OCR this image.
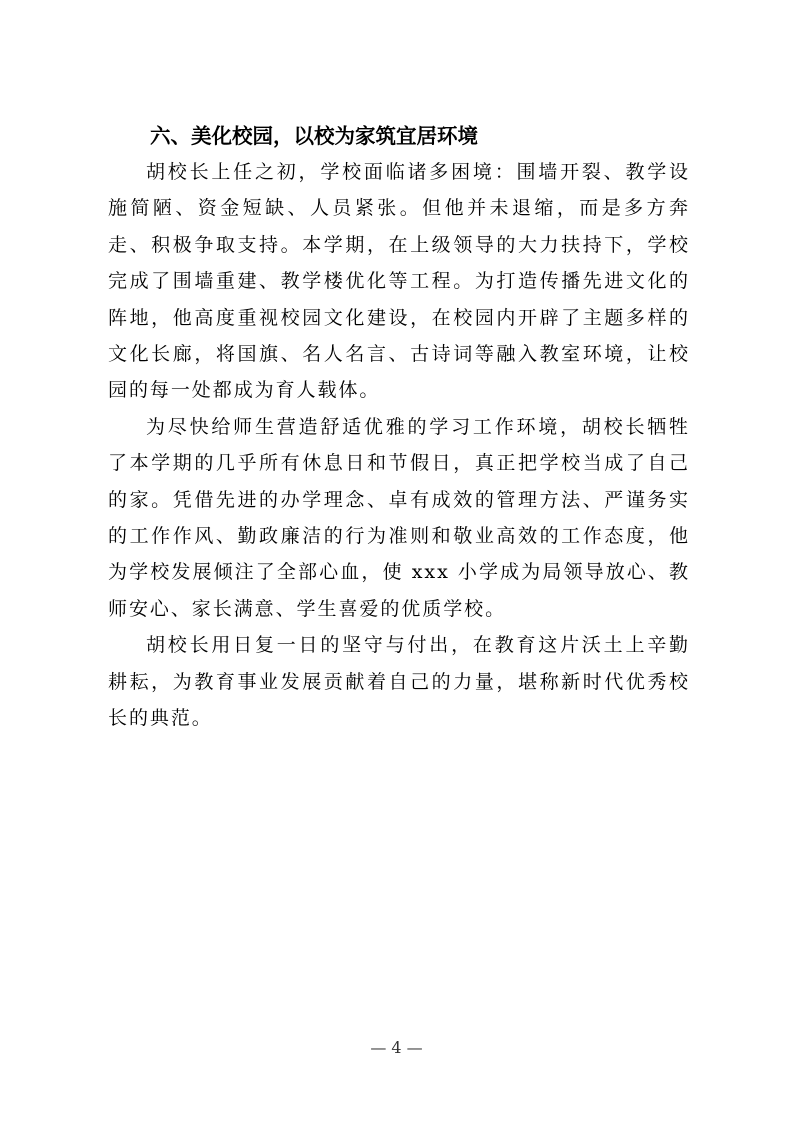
六、美化校园，以校为家筑宜居环境

胡校长上任之初，学校面临诸多困境：围墙开裂、教学设施简陋、资金短缺、人员紧张。但他并未退缩，而是多方奔走、积极争取支持。本学期，在上级领导的大力扶持下，学校完成了围墙重建、教学楼优化等工程。为打造传播先进文化的阵地，他高度重视校园文化建设，在校园内开辟了主题多样的文化长廊，将国旗、名人名言、古诗词等融入教室环境，让校园的每一处都成为育人载体。

为尽快给师生营造舒适优雅的学习工作环境，胡校长牺牲了本学期的几乎所有休息日和节假日，真正把学校当成了自己的家。凭借先进的办学理念、卓有成效的管理方法、严谨务实的工作作风、勤政廉洁的行为准则和敬业高效的工作态度，他为学校发展倾注了全部心血，使 xxx 小学成为局领导放心、教师安心、家长满意、学生喜爱的优质学校。

胡校长用日复一日的坚守与付出，在教育这片沃土上辛勤耕耘，为教育事业发展贡献着自己的力量，堪称新时代优秀校长的典范。

— 4 —
